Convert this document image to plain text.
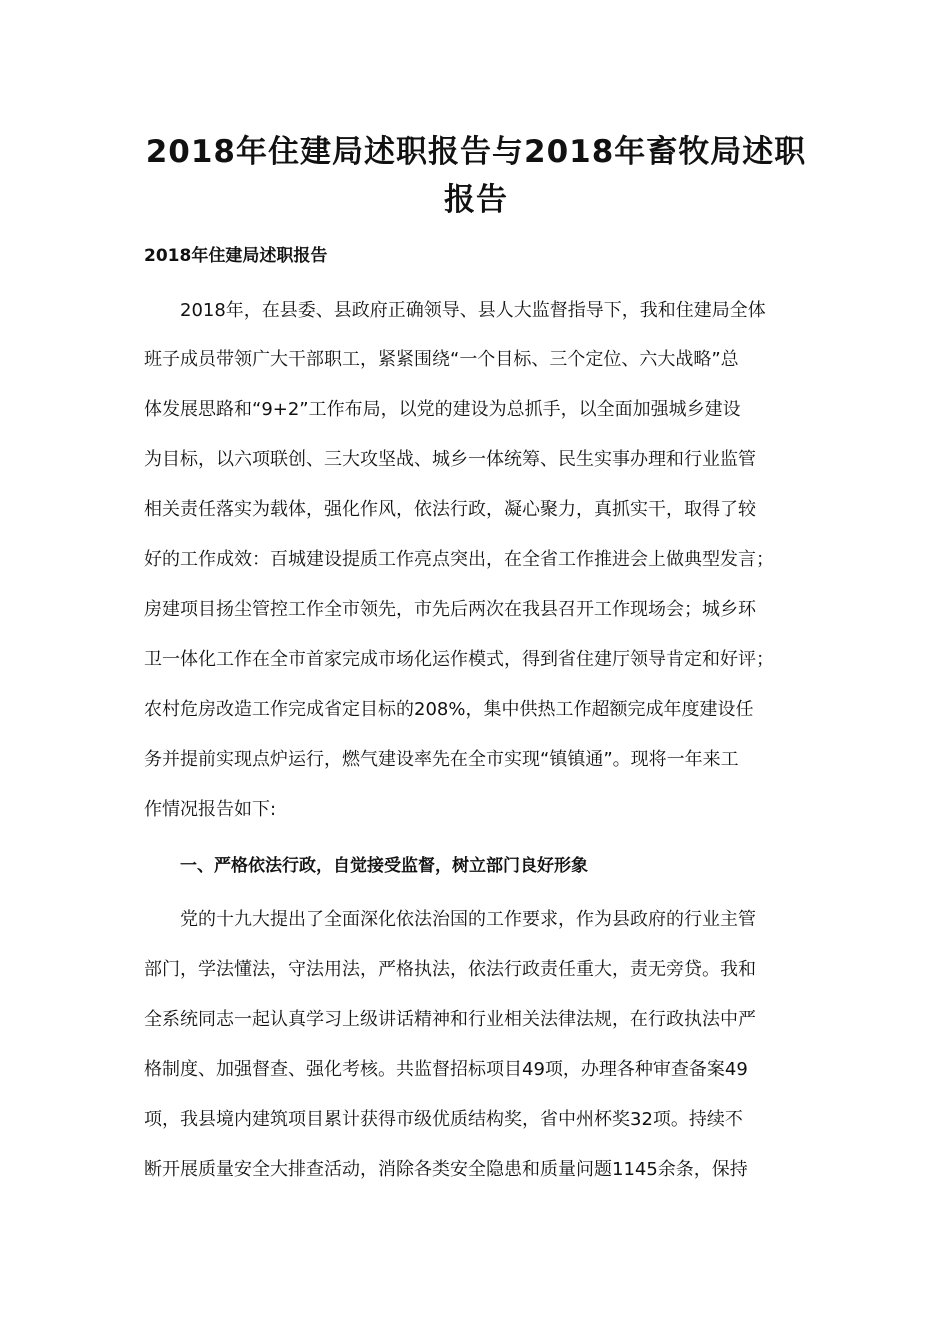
2018年住建局述职报告与2018年畜牧局述职
报告
2018年住建局述职报告
2018年，在县委、县政府正确领导、县人大监督指导下，我和住建局全体
班子成员带领广大干部职工，紧紧围绕“一个目标、三个定位、六大战略”总
体发展思路和“9+2”工作布局，以党的建设为总抓手，以全面加强城乡建设
为目标，以六项联创、三大攻坚战、城乡一体统筹、民生实事办理和行业监管
相关责任落实为载体，强化作风，依法行政，凝心聚力，真抓实干，取得了较
好的工作成效：百城建设提质工作亮点突出，在全省工作推进会上做典型发言；
房建项目扬尘管控工作全市领先，市先后两次在我县召开工作现场会；城乡环
卫一体化工作在全市首家完成市场化运作模式，得到省住建厅领导肯定和好评；
农村危房改造工作完成省定目标的208%，集中供热工作超额完成年度建设任
务并提前实现点炉运行，燃气建设率先在全市实现“镇镇通”。现将一年来工
作情况报告如下:
一、严格依法行政，自觉接受监督，树立部门良好形象
党的十九大提出了全面深化依法治国的工作要求，作为县政府的行业主管
部门，学法懂法，守法用法，严格执法，依法行政责任重大，责无旁贷。我和
全系统同志一起认真学习上级讲话精神和行业相关法律法规，在行政执法中严
格制度、加强督查、强化考核。共监督招标项目49项，办理各种审查备案49
项，我县境内建筑项目累计获得市级优质结构奖，省中州杯奖32项。持续不
断开展质量安全大排查活动，消除各类安全隐患和质量问题1145余条，保持
